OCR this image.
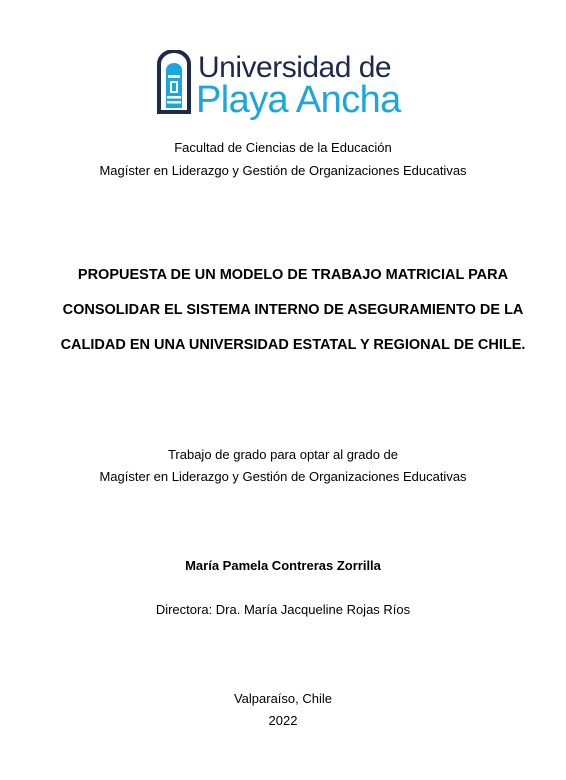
Universidad de
Playa Ancha
Facultad de Ciencias de la Educación
Magíster en Liderazgo y Gestión de Organizaciones Educativas
PROPUESTA DE UN MODELO DE TRABAJO MATRICIAL PARA CONSOLIDAR EL SISTEMA INTERNO DE ASEGURAMIENTO DE LA CALIDAD EN UNA UNIVERSIDAD ESTATAL Y REGIONAL DE CHILE.
Trabajo de grado para optar al grado de
Magíster en Liderazgo y Gestión de Organizaciones Educativas
María Pamela Contreras Zorrilla
Directora: Dra. María Jacqueline Rojas Ríos
Valparaíso, Chile
2022
